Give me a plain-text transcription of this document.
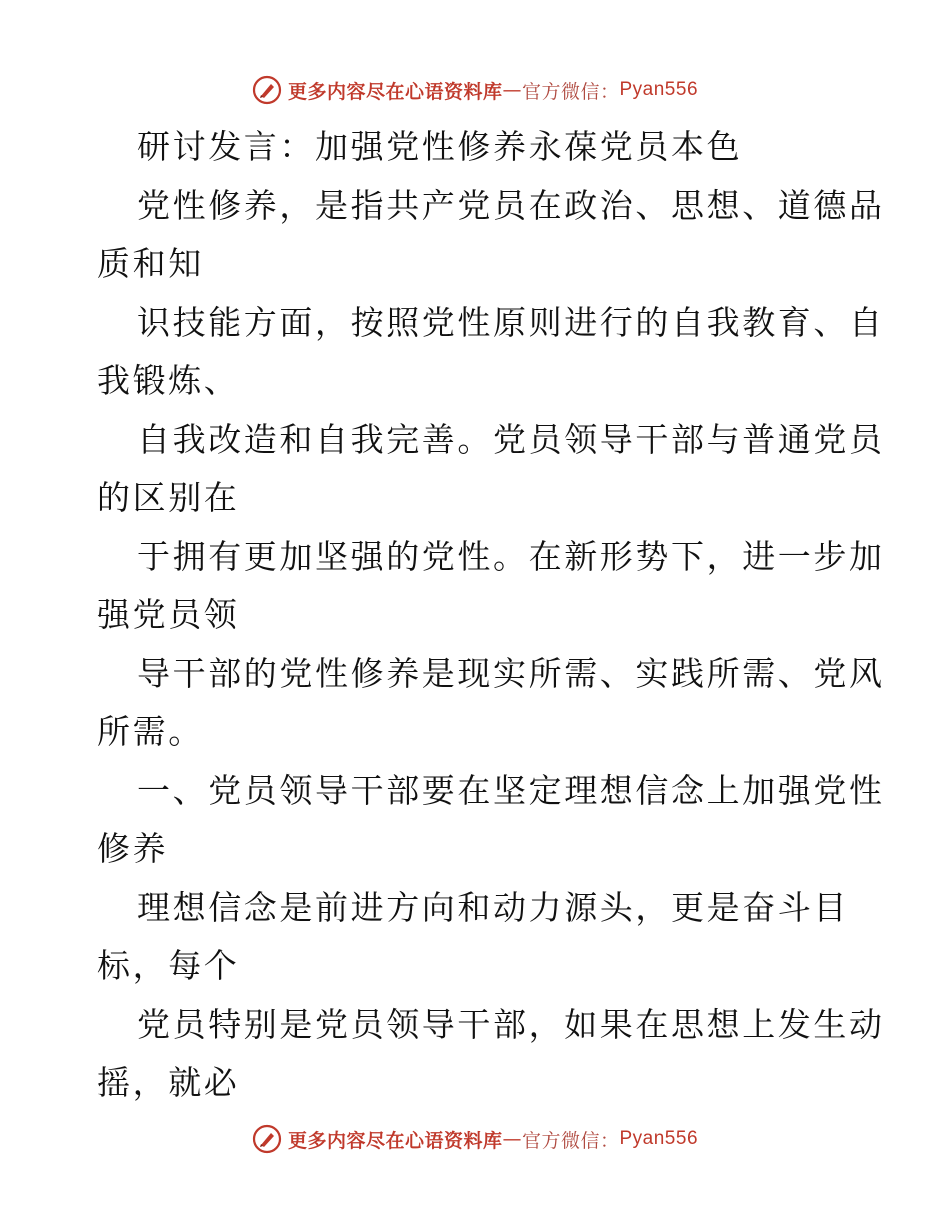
更多内容尽在心语资料库 — 官方微信： Pyan556
研讨发言：加强党性修养永葆党员本色
党性修养，是指共产党员在政治、思想、道德品
质和知
识技能方面，按照党性原则进行的自我教育、自
我锻炼、
自我改造和自我完善。党员领导干部与普通党员
的区别在
于拥有更加坚强的党性。在新形势下，进一步加
强党员领
导干部的党性修养是现实所需、实践所需、党风
所需。
一、党员领导干部要在坚定理想信念上加强党性
修养
理想信念是前进方向和动力源头，更是奋斗目
标，每个
党员特别是党员领导干部，如果在思想上发生动
摇，就必
更多内容尽在心语资料库 — 官方微信： Pyan556
